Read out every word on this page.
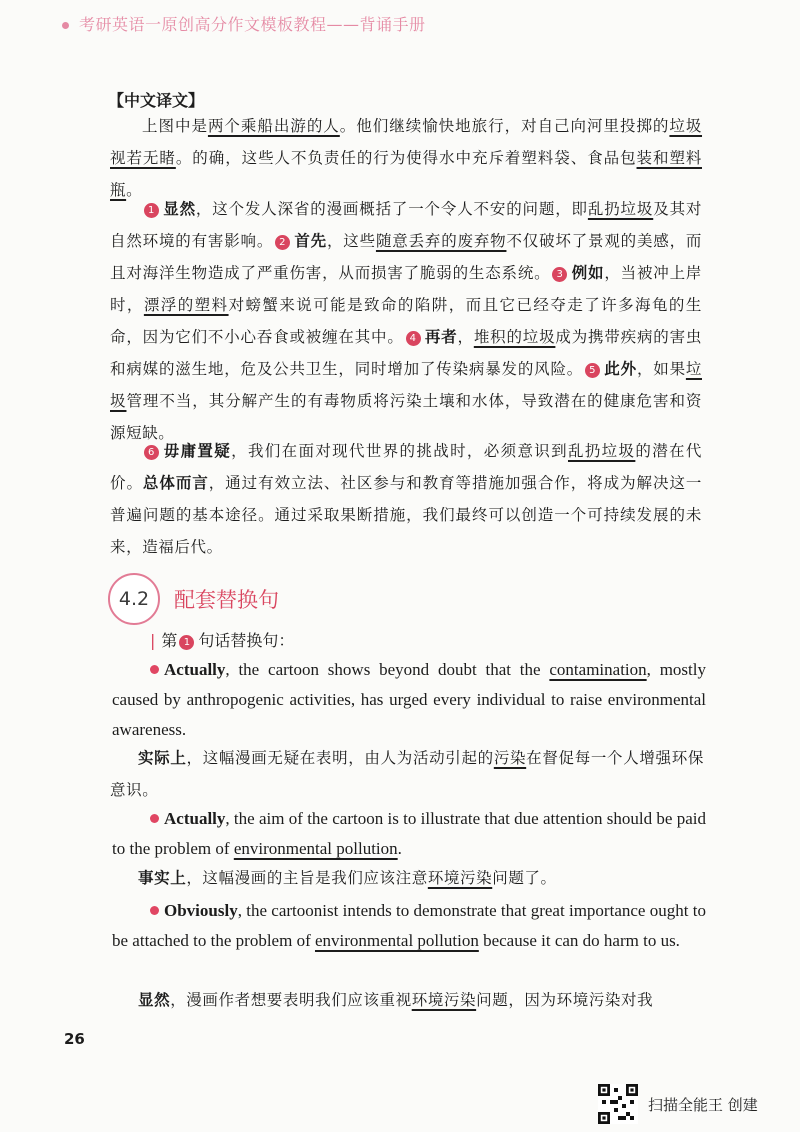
考研英语一原创高分作文模板教程——背诵手册
【中文译文】
上图中是两个乘船出游的人。他们继续愉快地旅行，对自己向河里投掷的垃圾视若无睹。的确，这些人不负责任的行为使得水中充斥着塑料袋、食品包装和塑料瓶。
1 显然，这个发人深省的漫画概括了一个令人不安的问题，即乱扔垃圾及其对自然环境的有害影响。 2 首先，这些随意丢弃的废弃物不仅破坏了景观的美感，而且对海洋生物造成了严重伤害，从而损害了脆弱的生态系统。 3 例如，当被冲上岸时，漂浮的塑料对螃蟹来说可能是致命的陷阱，而且它已经夺走了许多海龟的生命，因为它们不小心吞食或被缠在其中。 4 再者，堆积的垃圾成为携带疾病的害虫和病媒的滋生地，危及公共卫生，同时增加了传染病暴发的风险。 5 此外，如果垃圾管理不当，其分解产生的有毒物质将污染土壤和水体，导致潜在的健康危害和资源短缺。
6 毋庸置疑，我们在面对现代世界的挑战时，必须意识到乱扔垃圾的潜在代价。总体而言，通过有效立法、社区参与和教育等措施加强合作，将成为解决这一普遍问题的基本途径。通过采取果断措施，我们最终可以创造一个可持续发展的未来，造福后代。
4.2	配套替换句
| 第 1 句话替换句：
Actually, the cartoon shows beyond doubt that the contamination, mostly caused by anthropogenic activities, has urged every individual to raise environmental awareness.
实际上，这幅漫画无疑在表明，由人为活动引起的污染在督促每一个人增强环保意识。
Actually, the aim of the cartoon is to illustrate that due attention should be paid to the problem of environmental pollution.
事实上，这幅漫画的主旨是我们应该注意环境污染问题了。
Obviously, the cartoonist intends to demonstrate that great importance ought to be attached to the problem of environmental pollution because it can do harm to us.
显然，漫画作者想要表明我们应该重视环境污染问题，因为环境污染对我
26
扫描全能王 创建
